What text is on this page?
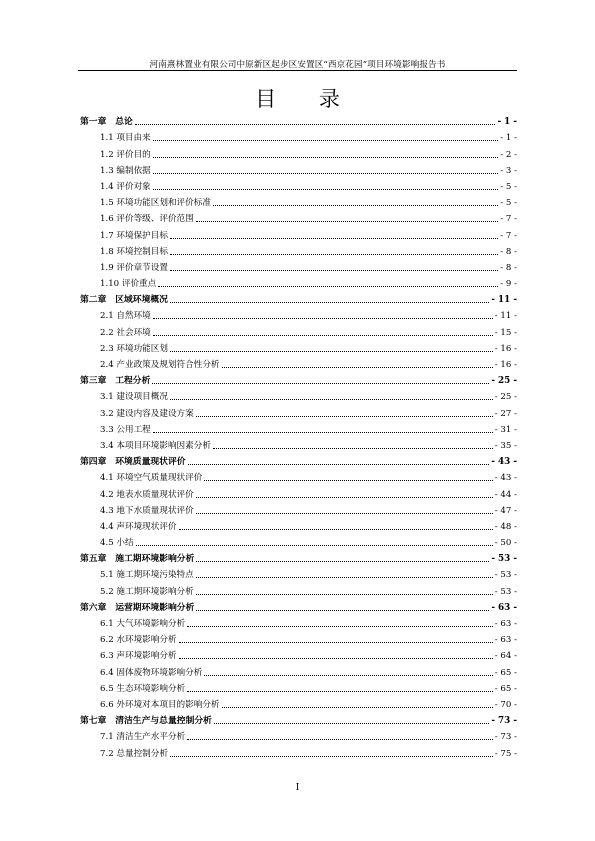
河南熹林置业有限公司中原新区起步区安置区“西京花园”项目环境影响报告书
目 录
第一章　总论	- 1 -
1.1 项目由来	- 1 -
1.2 评价目的	- 2 -
1.3 编制依据	- 3 -
1.4 评价对象	- 5 -
1.5 环境功能区划和评价标准	- 5 -
1.6 评价等级、评价范围	- 7 -
1.7 环境保护目标	- 7 -
1.8 环境控制目标	- 8 -
1.9 评价章节设置	- 8 -
1.10 评价重点	- 9 -
第二章　区域环境概况	- 11 -
2.1 自然环境	- 11 -
2.2 社会环境	- 15 -
2.3 环境功能区划	- 16 -
2.4 产业政策及规划符合性分析	- 16 -
第三章　工程分析	- 25 -
3.1 建设项目概况	- 25 -
3.2 建设内容及建设方案	- 27 -
3.3 公用工程	- 31 -
3.4 本项目环境影响因素分析	- 35 -
第四章　环境质量现状评价	- 43 -
4.1 环境空气质量现状评价	- 43 -
4.2 地表水质量现状评价	- 44 -
4.3 地下水质量现状评价	- 47 -
4.4 声环境现状评价	- 48 -
4.5 小结	- 50 -
第五章　施工期环境影响分析	- 53 -
5.1 施工期环境污染特点	- 53 -
5.2 施工期环境影响分析	- 53 -
第六章　运营期环境影响分析	- 63 -
6.1 大气环境影响分析	- 63 -
6.2 水环境影响分析	- 63 -
6.3 声环境影响分析	- 64 -
6.4 固体废物环境影响分析	- 65 -
6.5 生态环境影响分析	- 65 -
6.6 外环境对本项目的影响分析	- 70 -
第七章　清洁生产与总量控制分析	- 73 -
7.1 清洁生产水平分析	- 73 -
7.2 总量控制分析	- 75 -
I
